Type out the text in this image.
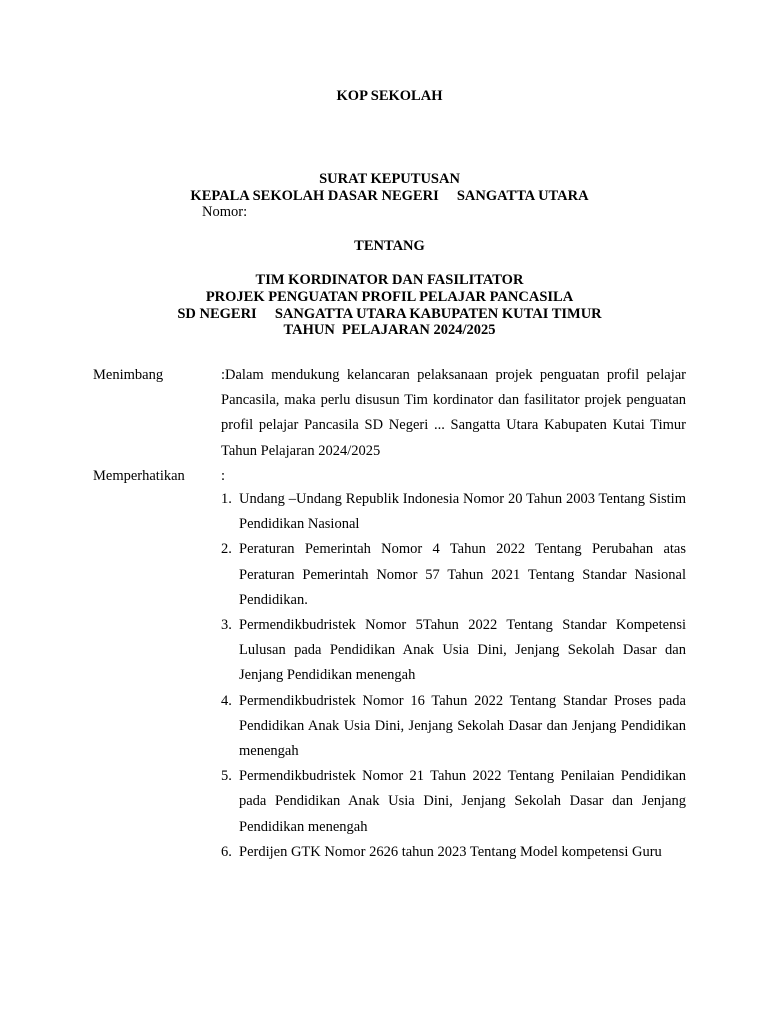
KOP SEKOLAH
SURAT KEPUTUSAN
KEPALA SEKOLAH DASAR NEGERI     SANGATTA UTARA
Nomor:
TENTANG
TIM KORDINATOR DAN FASILITATOR
PROJEK PENGUATAN PROFIL PELAJAR PANCASILA
SD NEGERI     SANGATTA UTARA KABUPATEN KUTAI TIMUR
TAHUN  PELAJARAN 2024/2025
Menimbang	:Dalam mendukung kelancaran pelaksanaan projek penguatan profil pelajar Pancasila, maka perlu disusun Tim kordinator dan fasilitator projek penguatan profil pelajar Pancasila SD Negeri ... Sangatta Utara Kabupaten Kutai Timur Tahun Pelajaran 2024/2025
Memperhatikan :
1. Undang –Undang Republik Indonesia Nomor 20 Tahun 2003 Tentang Sistim Pendidikan Nasional
2. Peraturan Pemerintah Nomor 4 Tahun 2022 Tentang Perubahan atas Peraturan Pemerintah Nomor 57 Tahun 2021 Tentang Standar Nasional Pendidikan.
3. Permendikbudristek Nomor 5Tahun 2022 Tentang Standar Kompetensi Lulusan pada Pendidikan Anak Usia Dini, Jenjang Sekolah Dasar dan Jenjang Pendidikan menengah
4. Permendikbudristek Nomor 16 Tahun 2022 Tentang Standar Proses pada Pendidikan Anak Usia Dini, Jenjang Sekolah Dasar dan Jenjang Pendidikan menengah
5. Permendikbudristek Nomor 21 Tahun 2022 Tentang Penilaian Pendidikan pada Pendidikan Anak Usia Dini, Jenjang Sekolah Dasar dan Jenjang Pendidikan menengah
6. Perdijen GTK Nomor 2626 tahun 2023 Tentang Model kompetensi Guru
